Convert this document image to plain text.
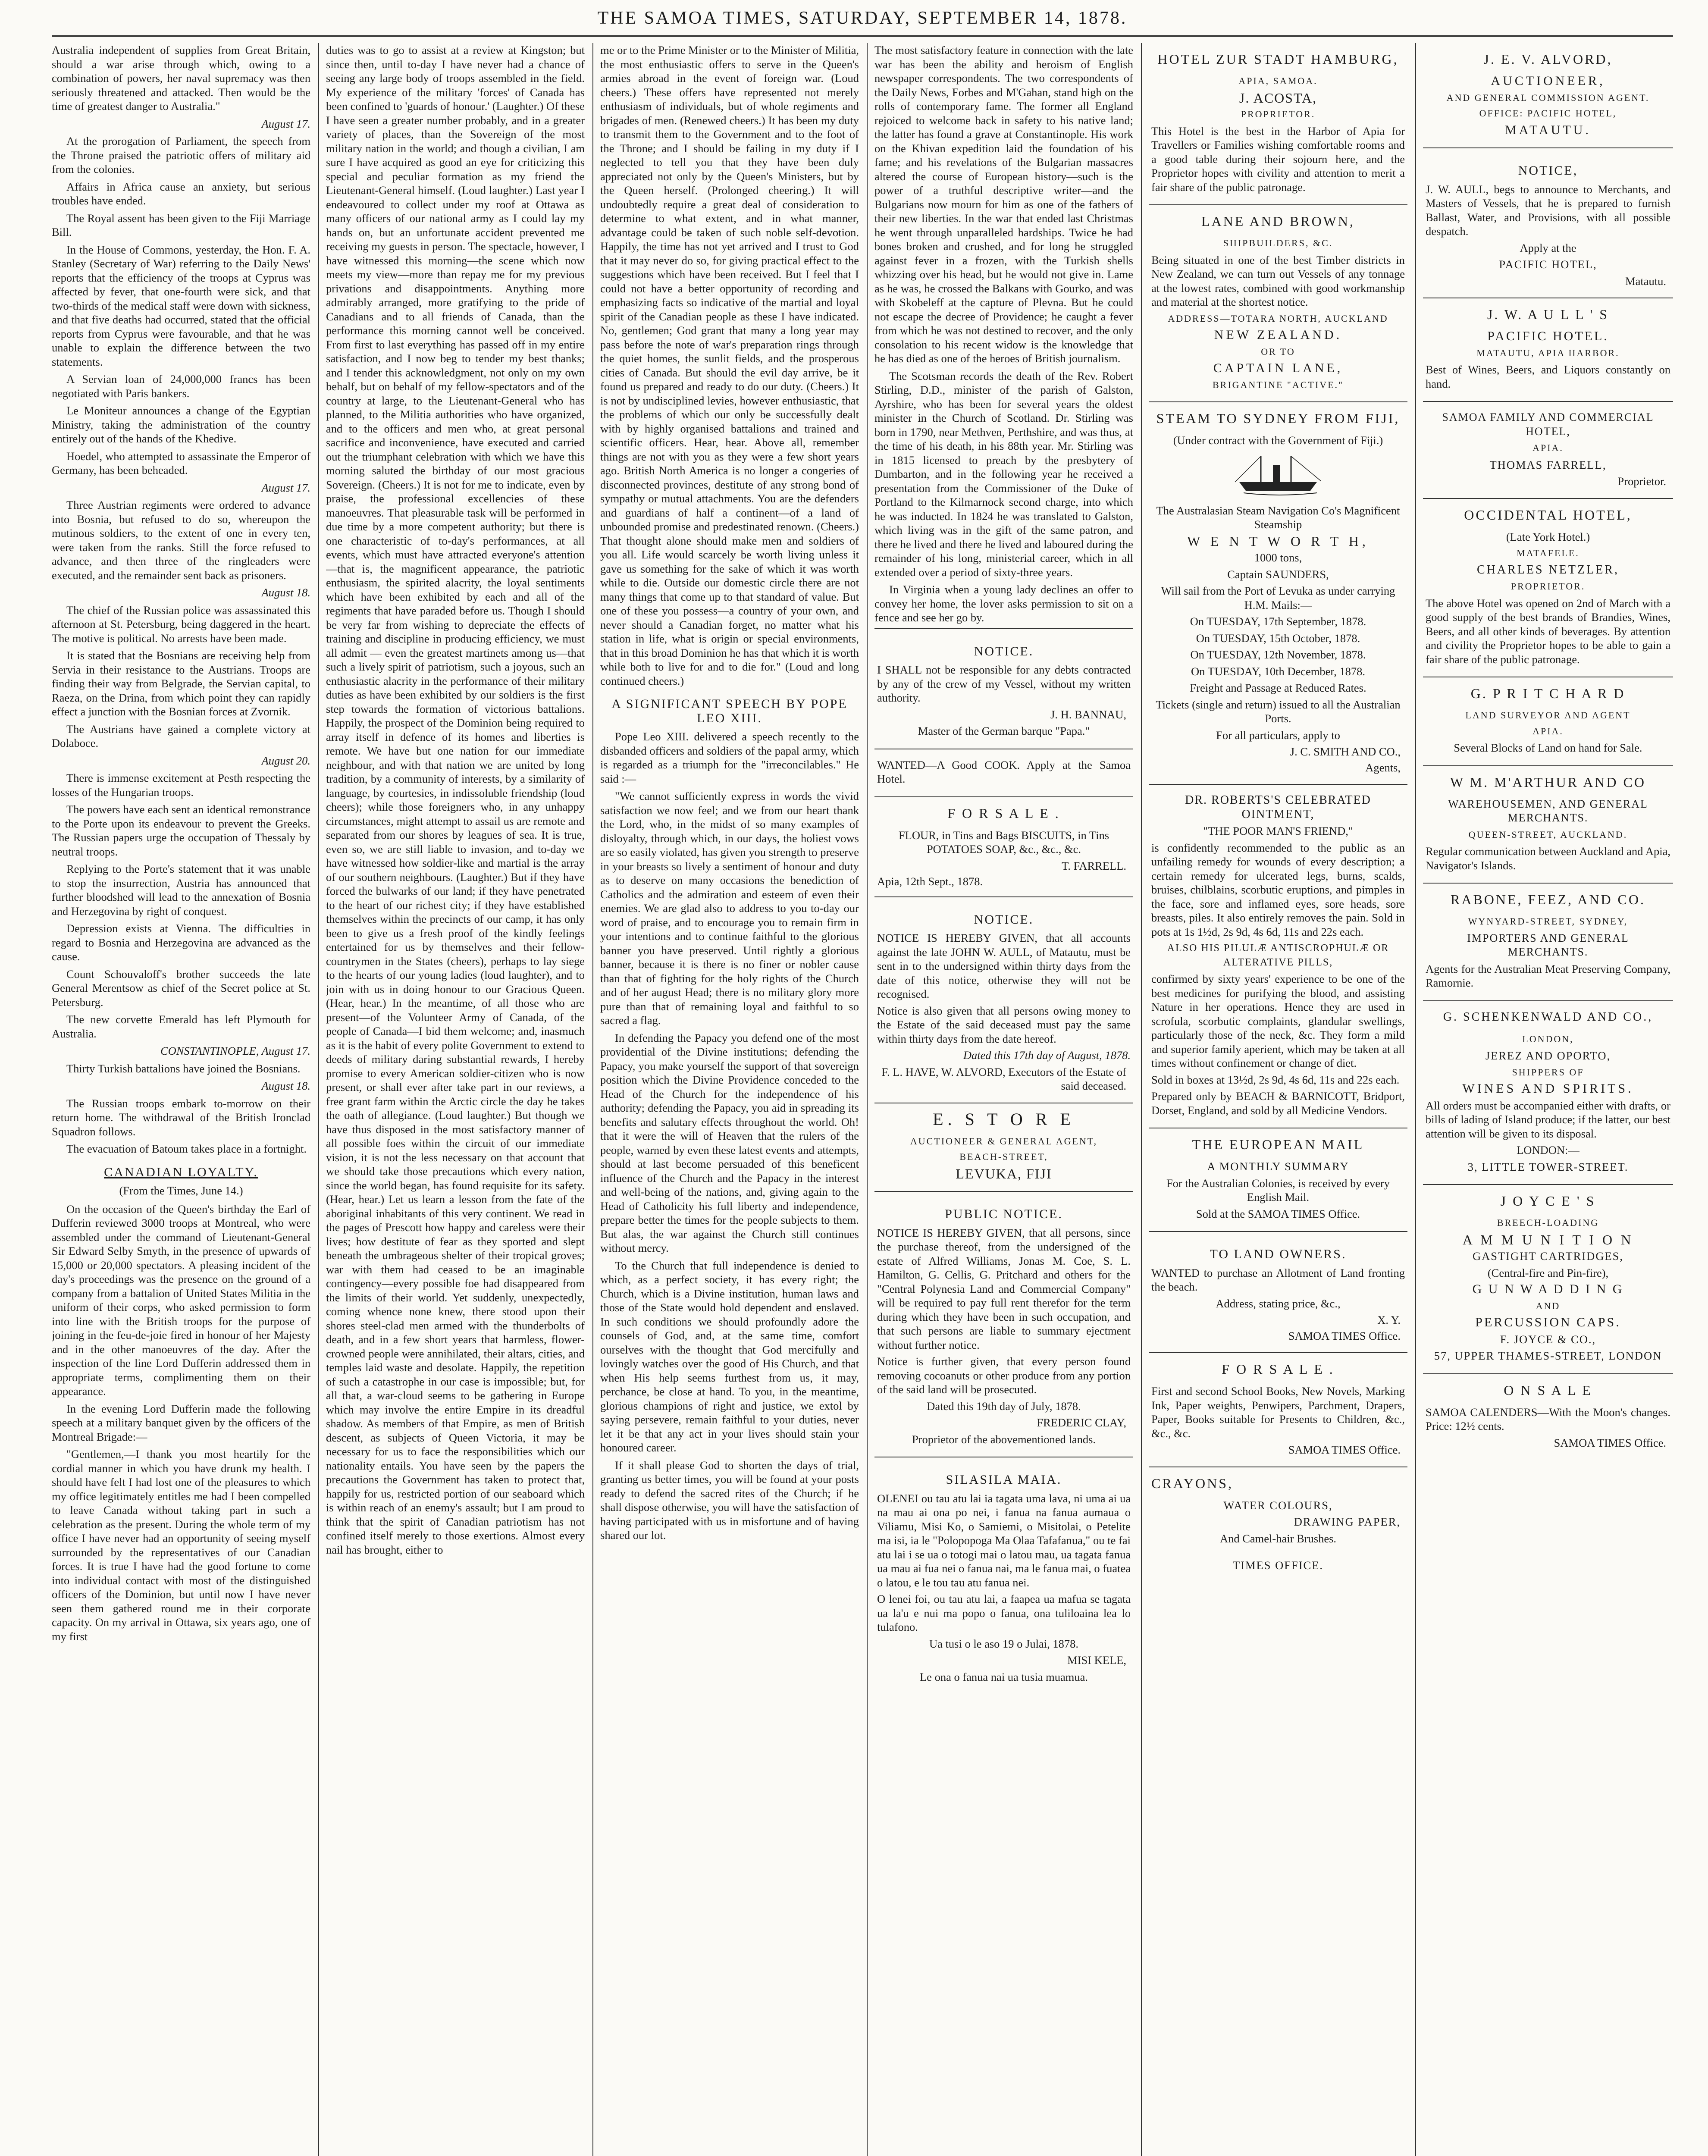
THE SAMOA TIMES, SATURDAY, SEPTEMBER 14, 1878.

Australia independent of supplies from Great Britain, should a war arise through which, owing to a combination of powers, her naval supremacy was then seriously threatened and attacked. Then would be the time of greatest danger to Australia."

August 17.

At the prorogation of Parliament, the speech from the Throne praised the patriotic offers of military aid from the colonies.

Affairs in Africa cause an anxiety, but serious troubles have ended.

The Royal assent has been given to the Fiji Marriage Bill.

In the House of Commons, yesterday, the Hon. F. A. Stanley (Secretary of War) referring to the Daily News' reports that the efficiency of the troops at Cyprus was affected by fever, that one-fourth were sick, and that two-thirds of the medical staff were down with sickness, and that five deaths had occurred, stated that the official reports from Cyprus were favourable, and that he was unable to explain the difference between the two statements.

A Servian loan of 24,000,000 francs has been negotiated with Paris bankers.

Le Moniteur announces a change of the Egyptian Ministry, taking the administration of the country entirely out of the hands of the Khedive.

Hoedel, who attempted to assassinate the Emperor of Germany, has been beheaded.

August 17.

Three Austrian regiments were ordered to advance into Bosnia, but refused to do so, whereupon the mutinous soldiers, to the extent of one in every ten, were taken from the ranks. Still the force refused to advance, and then three of the ringleaders were executed, and the remainder sent back as prisoners.

August 18.

The chief of the Russian police was assassinated this afternoon at St. Petersburg, being daggered in the heart. The motive is political. No arrests have been made.

It is stated that the Bosnians are receiving help from Servia in their resistance to the Austrians. Troops are finding their way from Belgrade, the Servian capital, to Raeza, on the Drina, from which point they can rapidly effect a junction with the Bosnian forces at Zvornik.

The Austrians have gained a complete victory at Dolaboce.

August 20.

There is immense excitement at Pesth respecting the losses of the Hungarian troops.

The powers have each sent an identical remonstrance to the Porte upon its endeavour to prevent the Greeks. The Russian papers urge the occupation of Thessaly by neutral troops.

Replying to the Porte's statement that it was unable to stop the insurrection, Austria has announced that further bloodshed will lead to the annexation of Bosnia and Herzegovina by right of conquest.

Depression exists at Vienna. The difficulties in regard to Bosnia and Herzegovina are advanced as the cause.

Count Schouvaloff's brother succeeds the late General Merentsow as chief of the Secret police at St. Petersburg.

The new corvette Emerald has left Plymouth for Australia.

CONSTANTINOPLE, August 17.

Thirty Turkish battalions have joined the Bosnians.

August 18.

The Russian troops embark to-morrow on their return home. The withdrawal of the British Ironclad Squadron follows.

The evacuation of Batoum takes place in a fortnight.

CANADIAN LOYALTY.
(From the Times, June 14.)

On the occasion of the Queen's birthday the Earl of Dufferin reviewed 3000 troops at Montreal, who were assembled under the command of Lieutenant-General Sir Edward Selby Smyth, in the presence of upwards of 15,000 or 20,000 spectators. A pleasing incident of the day's proceedings was the presence on the ground of a company from a battalion of United States Militia in the uniform of their corps, who asked permission to form into line with the British troops for the purpose of joining in the feu-de-joie fired in honour of her Majesty and in the other manoeuvres of the day. After the inspection of the line Lord Dufferin addressed them in appropriate terms, complimenting them on their appearance.

In the evening Lord Dufferin made the following speech at a military banquet given by the officers of the Montreal Brigade:—

"Gentlemen,—I thank you most heartily for the cordial manner in which you have drunk my health. I should have felt I had lost one of the pleasures to which my office legitimately entitles me had I been compelled to leave Canada without taking part in such a celebration as the present. During the whole term of my office I have never had an opportunity of seeing myself surrounded by the representatives of our Canadian forces. It is true I have had the good fortune to come into individual contact with most of the distinguished officers of the Dominion, but until now I have never seen them gathered round me in their corporate capacity. On my arrival in Ottawa, six years ago, one of my first

duties was to go to assist at a review at Kingston; but since then, until to-day I have never had a chance of seeing any large body of troops assembled in the field. My experience of the military 'forces' of Canada has been confined to 'guards of honour.' (Laughter.) Of these I have seen a greater number probably, and in a greater variety of places, than the Sovereign of the most military nation in the world; and though a civilian, I am sure I have acquired as good an eye for criticizing this special and peculiar formation as my friend the Lieutenant-General himself. (Loud laughter.) Last year I endeavoured to collect under my roof at Ottawa as many officers of our national army as I could lay my hands on, but an unfortunate accident prevented me receiving my guests in person. The spectacle, however, I have witnessed this morning—the scene which now meets my view—more than repay me for my previous privations and disappointments. Anything more admirably arranged, more gratifying to the pride of Canadians and to all friends of Canada, than the performance this morning cannot well be conceived. From first to last everything has passed off in my entire satisfaction, and I now beg to tender my best thanks; and I tender this acknowledgment, not only on my own behalf, but on behalf of my fellow-spectators and of the country at large, to the Lieutenant-General who has planned, to the Militia authorities who have organized, and to the officers and men who, at great personal sacrifice and inconvenience, have executed and carried out the triumphant celebration with which we have this morning saluted the birthday of our most gracious Sovereign. (Cheers.) It is not for me to indicate, even by praise, the professional excellencies of these manoeuvres. That pleasurable task will be performed in due time by a more competent authority; but there is one characteristic of to-day's performances, at all events, which must have attracted everyone's attention—that is, the magnificent appearance, the patriotic enthusiasm, the spirited alacrity, the loyal sentiments which have been exhibited by each and all of the regiments that have paraded before us. Though I should be very far from wishing to depreciate the effects of training and discipline in producing efficiency, we must all admit — even the greatest martinets among us—that such a lively spirit of patriotism, such a joyous, such an enthusiastic alacrity in the performance of their military duties as have been exhibited by our soldiers is the first step towards the formation of victorious battalions. Happily, the prospect of the Dominion being required to array itself in defence of its homes and liberties is remote. We have but one nation for our immediate neighbour, and with that nation we are united by long tradition, by a community of interests, by a similarity of language, by courtesies, in indissoluble friendship (loud cheers); while those foreigners who, in any unhappy circumstances, might attempt to assail us are remote and separated from our shores by leagues of sea. It is true, even so, we are still liable to invasion, and to-day we have witnessed how soldier-like and martial is the array of our southern neighbours. (Laughter.) But if they have forced the bulwarks of our land; if they have penetrated to the heart of our richest city; if they have established themselves within the precincts of our camp, it has only been to give us a fresh proof of the kindly feelings entertained for us by themselves and their fellow-countrymen in the States (cheers), perhaps to lay siege to the hearts of our young ladies (loud laughter), and to join with us in doing honour to our Gracious Queen. (Hear, hear.) In the meantime, of all those who are present—of the Volunteer Army of Canada, of the people of Canada—I bid them welcome; and, inasmuch as it is the habit of every polite Government to extend to deeds of military daring substantial rewards, I hereby promise to every American soldier-citizen who is now present, or shall ever after take part in our reviews, a free grant farm within the Arctic circle the day he takes the oath of allegiance. (Loud laughter.) But though we have thus disposed in the most satisfactory manner of all possible foes within the circuit of our immediate vision, it is not the less necessary on that account that we should take those precautions which every nation, since the world began, has found requisite for its safety. (Hear, hear.) Let us learn a lesson from the fate of the aboriginal inhabitants of this very continent. We read in the pages of Prescott how happy and careless were their lives; how destitute of fear as they sported and slept beneath the umbrageous shelter of their tropical groves; war with them had ceased to be an imaginable contingency—every possible foe had disappeared from the limits of their world. Yet suddenly, unexpectedly, coming whence none knew, there stood upon their shores steel-clad men armed with the thunderbolts of death, and in a few short years that harmless, flower-crowned people were annihilated, their altars, cities, and temples laid waste and desolate. Happily, the repetition of such a catastrophe in our case is impossible; but, for all that, a war-cloud seems to be gathering in Europe which may involve the entire Empire in its dreadful shadow. As members of that Empire, as men of British descent, as subjects of Queen Victoria, it may be necessary for us to face the responsibilities which our nationality entails. You have seen by the papers the precautions the Government has taken to protect that, happily for us, restricted portion of our seaboard which is within reach of an enemy's assault; but I am proud to think that the spirit of Canadian patriotism has not confined itself merely to those exertions. Almost every nail has brought, either to

me or to the Prime Minister or to the Minister of Militia, the most enthusiastic offers to serve in the Queen's armies abroad in the event of foreign war. (Loud cheers.) These offers have represented not merely enthusiasm of individuals, but of whole regiments and brigades of men. (Renewed cheers.) It has been my duty to transmit them to the Government and to the foot of the Throne; and I should be failing in my duty if I neglected to tell you that they have been duly appreciated not only by the Queen's Ministers, but by the Queen herself. (Prolonged cheering.) It will undoubtedly require a great deal of consideration to determine to what extent, and in what manner, advantage could be taken of such noble self-devotion. Happily, the time has not yet arrived and I trust to God that it may never do so, for giving practical effect to the suggestions which have been received. But I feel that I could not have a better opportunity of recording and emphasizing facts so indicative of the martial and loyal spirit of the Canadian people as these I have indicated. No, gentlemen; God grant that many a long year may pass before the note of war's preparation rings through the quiet homes, the sunlit fields, and the prosperous cities of Canada. But should the evil day arrive, be it found us prepared and ready to do our duty. (Cheers.) It is not by undisciplined levies, however enthusiastic, that the problems of which our only be successfully dealt with by highly organised battalions and trained and scientific officers. Hear, hear. Above all, remember things are not with you as they were a few short years ago. British North America is no longer a congeries of disconnected provinces, destitute of any strong bond of sympathy or mutual attachments. You are the defenders and guardians of half a continent—of a land of unbounded promise and predestinated renown. (Cheers.) That thought alone should make men and soldiers of you all. Life would scarcely be worth living unless it gave us something for the sake of which it was worth while to die. Outside our domestic circle there are not many things that come up to that standard of value. But one of these you possess—a country of your own, and never should a Canadian forget, no matter what his station in life, what is origin or special environments, that in this broad Dominion he has that which it is worth while both to live for and to die for." (Loud and long continued cheers.)

A SIGNIFICANT SPEECH BY POPE LEO XIII.

Pope Leo XIII. delivered a speech recently to the disbanded officers and soldiers of the papal army, which is regarded as a triumph for the "irreconcilables." He said :—

"We cannot sufficiently express in words the vivid satisfaction we now feel; and we from our heart thank the Lord, who, in the midst of so many examples of disloyalty, through which, in our days, the holiest vows are so easily violated, has given you strength to preserve in your breasts so lively a sentiment of honour and duty as to deserve on many occasions the benediction of Catholics and the admiration and esteem of even their enemies. We are glad also to address to you to-day our word of praise, and to encourage you to remain firm in your intentions and to continue faithful to the glorious banner you have preserved. Until rightly a glorious banner, because it is there is no finer or nobler cause than that of fighting for the holy rights of the Church and of her august Head; there is no military glory more pure than that of remaining loyal and faithful to so sacred a flag.

In defending the Papacy you defend one of the most providential of the Divine institutions; defending the Papacy, you make yourself the support of that sovereign position which the Divine Providence conceded to the Head of the Church for the independence of his authority; defending the Papacy, you aid in spreading its benefits and salutary effects throughout the world. Oh! that it were the will of Heaven that the rulers of the people, warned by even these latest events and attempts, should at last become persuaded of this beneficent influence of the Church and the Papacy in the interest and well-being of the nations, and, giving again to the Head of Catholicity his full liberty and independence, prepare better the times for the people subjects to them. But alas, the war against the Church still continues without mercy.

To the Church that full independence is denied to which, as a perfect society, it has every right; the Church, which is a Divine institution, human laws and those of the State would hold dependent and enslaved. In such conditions we should profoundly adore the counsels of God, and, at the same time, comfort ourselves with the thought that God mercifully and lovingly watches over the good of His Church, and that when His help seems furthest from us, it may, perchance, be close at hand. To you, in the meantime, glorious champions of right and justice, we extol by saying persevere, remain faithful to your duties, never let it be that any act in your lives should stain your honoured career.

If it shall please God to shorten the days of trial, granting us better times, you will be found at your posts ready to defend the sacred rites of the Church; if he shall dispose otherwise, you will have the satisfaction of having participated with us in misfortune and of having shared our lot.

The most satisfactory feature in connection with the late war has been the ability and heroism of English newspaper correspondents. The two correspondents of the Daily News, Forbes and M'Gahan, stand high on the rolls of contemporary fame. The former all England rejoiced to welcome back in safety to his native land; the latter has found a grave at Constantinople. His work on the Khivan expedition laid the foundation of his fame; and his revelations of the Bulgarian massacres altered the course of European history—such is the power of a truthful descriptive writer—and the Bulgarians now mourn for him as one of the fathers of their new liberties. In the war that ended last Christmas he went through unparalleled hardships. Twice he had bones broken and crushed, and for long he struggled against fever in a frozen, with the Turkish shells whizzing over his head, but he would not give in. Lame as he was, he crossed the Balkans with Gourko, and was with Skobeleff at the capture of Plevna. But he could not escape the decree of Providence; he caught a fever from which he was not destined to recover, and the only consolation to his recent widow is the knowledge that he has died as one of the heroes of British journalism.

The Scotsman records the death of the Rev. Robert Stirling, D.D., minister of the parish of Galston, Ayrshire, who has been for several years the oldest minister in the Church of Scotland. Dr. Stirling was born in 1790, near Methven, Perthshire, and was thus, at the time of his death, in his 88th year. Mr. Stirling was in 1815 licensed to preach by the presbytery of Dumbarton, and in the following year he received a presentation from the Commissioner of the Duke of Portland to the Kilmarnock second charge, into which he was inducted. In 1824 he was translated to Galston, which living was in the gift of the same patron, and there he lived and there he lived and laboured during the remainder of his long, ministerial career, which in all extended over a period of sixty-three years.

In Virginia when a young lady declines an offer to convey her home, the lover asks permission to sit on a fence and see her go by.

NOTICE.
I SHALL not be responsible for any debts contracted by any of the crew of my Vessel, without my written authority.
J. H. BANNAU,
Master of the German barque "Papa."
WANTED—A Good COOK. Apply at the Samoa Hotel.
F O R S A L E .
FLOUR, in Tins and Bags BISCUITS, in Tins POTATOES SOAP, &c., &c., &c.
T. FARRELL.
Apia, 12th Sept., 1878.
NOTICE.
NOTICE IS HEREBY GIVEN, that all accounts against the late JOHN W. AULL, of Matautu, must be sent in to the undersigned within thirty days from the date of this notice, otherwise they will not be recognised.
Notice is also given that all persons owing money to the Estate of the said deceased must pay the same within thirty days from the date hereof.
Dated this 17th day of August, 1878.
F. L. HAVE, W. ALVORD, Executors of the Estate of said deceased.
E. S T O R E
AUCTIONEER & GENERAL AGENT,
BEACH-STREET,
LEVUKA, FIJI
PUBLIC NOTICE.
NOTICE IS HEREBY GIVEN, that all persons, since the purchase thereof, from the undersigned of the estate of Alfred Williams, Jonas M. Coe, S. L. Hamilton, G. Cellis, G. Pritchard and others for the "Central Polynesia Land and Commercial Company" will be required to pay full rent therefor for the term during which they have been in such occupation, and that such persons are liable to summary ejectment without further notice.
Notice is further given, that every person found removing cocoanuts or other produce from any portion of the said land will be prosecuted.
Dated this 19th day of July, 1878.
FREDERIC CLAY,
Proprietor of the abovementioned lands.
SILASILA MAIA.
OLENEI ou tau atu lai ia tagata uma lava, ni uma ai ua na mau ai ona po nei, i fanua na fanua aumaua o Viliamu, Misi Ko, o Samiemi, o Misitolai, o Petelite ma isi, ia le "Polopopoga Ma Olaa Tafafanua," ou te fai atu lai i se ua o totogi mai o latou mau, ua tagata fanua ua mau ai fua nei o fanua nai, ma le fanua mai, o fuatea o latou, e le tou tau atu fanua nei.
O lenei foi, ou tau atu lai, a faapea ua mafua se tagata ua la'u e nui ma popo o fanua, ona tuliloaina lea lo tulafono.
Ua tusi o le aso 19 o Julai, 1878.
MISI KELE,
Le ona o fanua nai ua tusia muamua.
HOTEL ZUR STADT HAMBURG,
APIA, SAMOA.
J. ACOSTA,
PROPRIETOR.
This Hotel is the best in the Harbor of Apia for Travellers or Families wishing comfortable rooms and a good table during their sojourn here, and the Proprietor hopes with civility and attention to merit a fair share of the public patronage.
LANE AND BROWN,
SHIPBUILDERS, &C.
Being situated in one of the best Timber districts in New Zealand, we can turn out Vessels of any tonnage at the lowest rates, combined with good workmanship and material at the shortest notice.
ADDRESS—TOTARA NORTH, AUCKLAND
NEW ZEALAND.
OR TO
CAPTAIN LANE,
BRIGANTINE "ACTIVE."
STEAM TO SYDNEY FROM FIJI,
(Under contract with the Government of Fiji.)
The Australasian Steam Navigation Co's Magnificent Steamship
W E N T W O R T H,
1000 tons,
Captain SAUNDERS,
Will sail from the Port of Levuka as under carrying H.M. Mails:—
On TUESDAY, 17th September, 1878.
On TUESDAY, 15th October, 1878.
On TUESDAY, 12th November, 1878.
On TUESDAY, 10th December, 1878.
Freight and Passage at Reduced Rates.
Tickets (single and return) issued to all the Australian Ports.
For all particulars, apply to
J. C. SMITH AND CO.,
Agents,
DR. ROBERTS'S CELEBRATED OINTMENT,
"THE POOR MAN'S FRIEND,"
is confidently recommended to the public as an unfailing remedy for wounds of every description; a certain remedy for ulcerated legs, burns, scalds, bruises, chilblains, scorbutic eruptions, and pimples in the face, sore and inflamed eyes, sore heads, sore breasts, piles. It also entirely removes the pain. Sold in pots at 1s 1½d, 2s 9d, 4s 6d, 11s and 22s each.
ALSO HIS PILULÆ ANTISCROPHULÆ OR ALTERATIVE PILLS,
confirmed by sixty years' experience to be one of the best medicines for purifying the blood, and assisting Nature in her operations. Hence they are used in scrofula, scorbutic complaints, glandular swellings, particularly those of the neck, &c. They form a mild and superior family aperient, which may be taken at all times without confinement or change of diet.
Sold in boxes at 13½d, 2s 9d, 4s 6d, 11s and 22s each.
Prepared only by BEACH & BARNICOTT, Bridport, Dorset, England, and sold by all Medicine Vendors.
THE EUROPEAN MAIL
A MONTHLY SUMMARY
For the Australian Colonies, is received by every English Mail.
Sold at the SAMOA TIMES Office.
TO LAND OWNERS.
WANTED to purchase an Allotment of Land fronting the beach.
Address, stating price, &c.,
X. Y.
SAMOA TIMES Office.
F O R S A L E .
First and second School Books, New Novels, Marking Ink, Paper weights, Penwipers, Parchment, Drapers, Paper, Books suitable for Presents to Children, &c., &c., &c.
SAMOA TIMES Office.
CRAYONS,
WATER COLOURS,
DRAWING PAPER,
And Camel-hair Brushes.
TIMES OFFICE.
J. E. V. ALVORD,
AUCTIONEER,
AND GENERAL COMMISSION AGENT.
OFFICE: PACIFIC HOTEL,
MATAUTU.
NOTICE,
J. W. AULL, begs to announce to Merchants, and Masters of Vessels, that he is prepared to furnish Ballast, Water, and Provisions, with all possible despatch.
Apply at the
PACIFIC HOTEL,
Matautu.
J. W. A U L L ' S
PACIFIC HOTEL.
MATAUTU, APIA HARBOR.
Best of Wines, Beers, and Liquors constantly on hand.
SAMOA FAMILY AND COMMERCIAL HOTEL,
APIA.
THOMAS FARRELL,
Proprietor.
OCCIDENTAL HOTEL,
(Late York Hotel.)
MATAFELE.
CHARLES NETZLER,
PROPRIETOR.
The above Hotel was opened on 2nd of March with a good supply of the best brands of Brandies, Wines, Beers, and all other kinds of beverages. By attention and civility the Proprietor hopes to be able to gain a fair share of the public patronage.
G. P R I T C H A R D
LAND SURVEYOR AND AGENT
APIA.
Several Blocks of Land on hand for Sale.
W M. M'ARTHUR AND CO
WAREHOUSEMEN, AND GENERAL MERCHANTS.
QUEEN-STREET, AUCKLAND.
Regular communication between Auckland and Apia, Navigator's Islands.
RABONE, FEEZ, AND CO.
WYNYARD-STREET, SYDNEY,
IMPORTERS AND GENERAL MERCHANTS.
Agents for the Australian Meat Preserving Company, Ramornie.
G. SCHENKENWALD AND CO.,
LONDON,
JEREZ AND OPORTO,
SHIPPERS OF
WINES AND SPIRITS.
All orders must be accompanied either with drafts, or bills of lading of Island produce; if the latter, our best attention will be given to its disposal.
LONDON:—
3, LITTLE TOWER-STREET.
J O Y C E ' S
BREECH-LOADING
A M M U N I T I O N
GASTIGHT CARTRIDGES,
(Central-fire and Pin-fire),
G U N W A D D I N G
AND
PERCUSSION CAPS.
F. JOYCE & CO.,
57, UPPER THAMES-STREET, LONDON
O N S A L E
SAMOA CALENDERS—With the Moon's changes. Price: 12½ cents.
SAMOA TIMES Office.
